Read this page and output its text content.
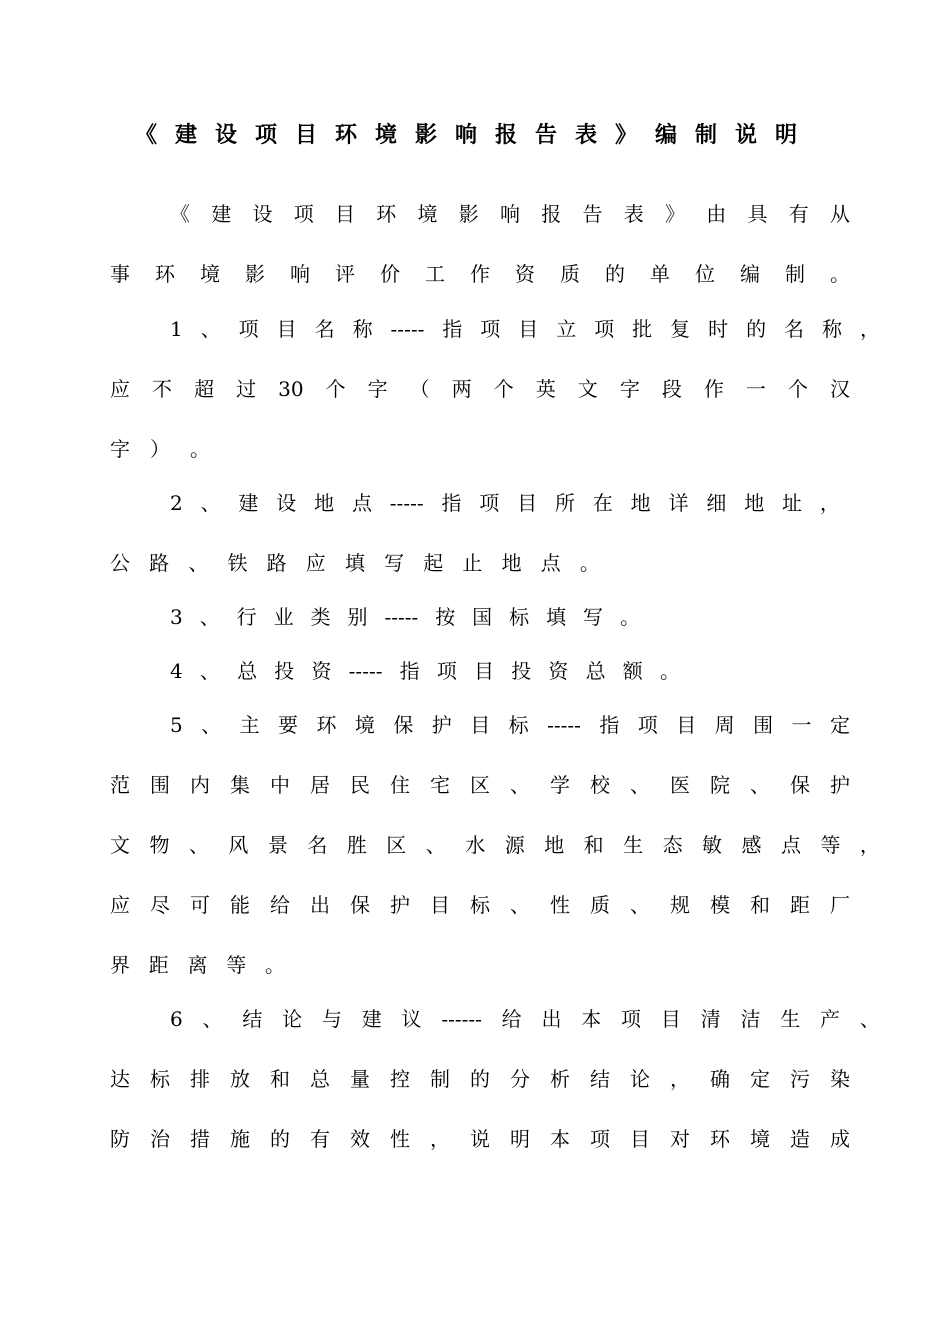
《建设项目环境影响报告表》编制说明
《 建 设 项 目 环 境 影 响 报 告 表 》 由 具 有 从
事 环 境 影 响 评 价 工 作 资 质 的 单 位 编 制 。
1 、 项 目 名 称 ----- 指 项 目 立 项 批 复 时 的 名 称 ，
应 不 超 过 30 个 字 （ 两 个 英 文 字 段 作 一 个 汉
字 ） 。
2 、 建 设 地 点 ----- 指 项 目 所 在 地 详 细 地 址 ，
公 路 、 铁 路 应 填 写 起 止 地 点 。
3 、 行 业 类 别 ----- 按 国 标 填 写 。
4 、 总 投 资 ----- 指 项 目 投 资 总 额 。
5 、 主 要 环 境 保 护 目 标 ----- 指 项 目 周 围 一 定
范 围 内 集 中 居 民 住 宅 区 、 学 校 、 医 院 、 保 护
文 物 、 风 景 名 胜 区 、 水 源 地 和 生 态 敏 感 点 等 ，
应 尽 可 能 给 出 保 护 目 标 、 性 质 、 规 模 和 距 厂
界 距 离 等 。
6 、 结 论 与 建 议 ------ 给 出 本 项 目 清 洁 生 产 、
达 标 排 放 和 总 量 控 制 的 分 析 结 论 ， 确 定 污 染
防 治 措 施 的 有 效 性 ， 说 明 本 项 目 对 环 境 造 成
